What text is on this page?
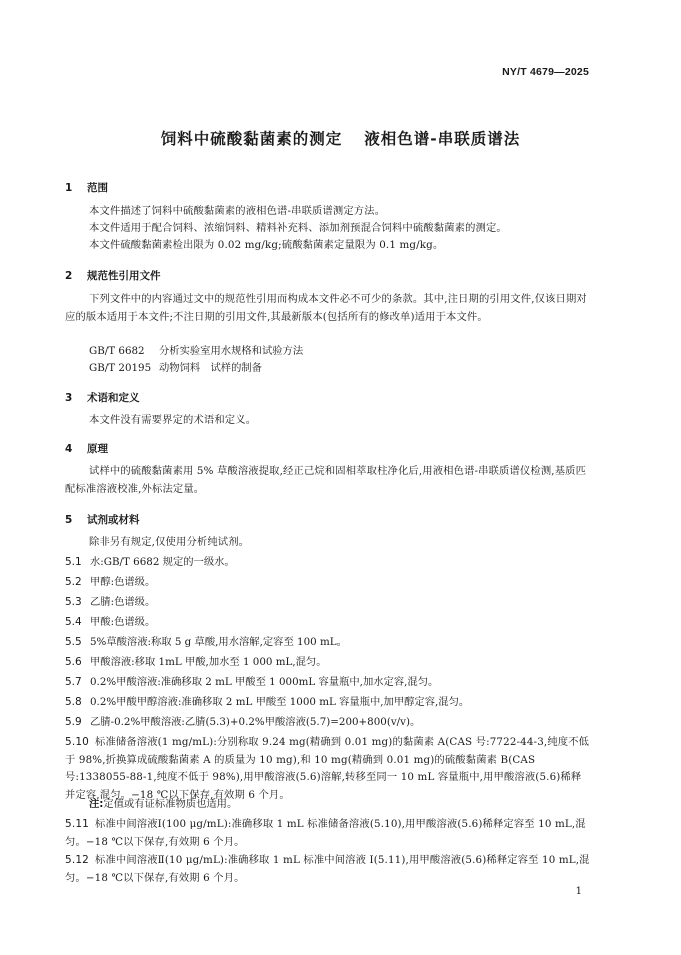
NY/T 4679—2025
饲料中硫酸黏菌素的测定 液相色谱-串联质谱法
1 范围
本文件描述了饲料中硫酸黏菌素的液相色谱-串联质谱测定方法。
本文件适用于配合饲料、浓缩饲料、精料补充料、添加剂预混合饲料中硫酸黏菌素的测定。
本文件硫酸黏菌素检出限为 0.02 mg/kg;硫酸黏菌素定量限为 0.1 mg/kg。
2 规范性引用文件
下列文件中的内容通过文中的规范性引用而构成本文件必不可少的条款。其中,注日期的引用文件,仅该日期对应的版本适用于本文件;不注日期的引用文件,其最新版本(包括所有的修改单)适用于本文件。
GB/T 6682 分析实验室用水规格和试验方法
GB/T 20195 动物饲料　试样的制备
3 术语和定义
本文件没有需要界定的术语和定义。
4 原理
试样中的硫酸黏菌素用 5% 草酸溶液提取,经正己烷和固相萃取柱净化后,用液相色谱-串联质谱仪检测,基质匹配标准溶液校准,外标法定量。
5 试剂或材料
除非另有规定,仅使用分析纯试剂。
5.1 水:GB/T 6682 规定的一级水。
5.2 甲醇:色谱级。
5.3 乙腈:色谱级。
5.4 甲酸:色谱级。
5.5 5%草酸溶液:称取 5 g 草酸,用水溶解,定容至 100 mL。
5.6 甲酸溶液:移取 1mL 甲酸,加水至 1 000 mL,混匀。
5.7 0.2%甲酸溶液:准确移取 2 mL 甲酸至 1 000mL 容量瓶中,加水定容,混匀。
5.8 0.2%甲酸甲醇溶液:准确移取 2 mL 甲酸至 1000 mL 容量瓶中,加甲醇定容,混匀。
5.9 乙腈-0.2%甲酸溶液:乙腈(5.3)+0.2%甲酸溶液(5.7)=200+800(v/v)。
5.10 标准储备溶液(1 mg/mL):分别称取 9.24 mg(精确到 0.01 mg)的黏菌素 A(CAS 号:7722-44-3,纯度不低于 98%,折换算成硫酸黏菌素 A 的质量为 10 mg),和 10 mg(精确到 0.01 mg)的硫酸黏菌素 B(CAS 号:1338055-88-1,纯度不低于 98%),用甲酸溶液(5.6)溶解,转移至同一 10 mL 容量瓶中,用甲酸溶液(5.6)稀释并定容,混匀。−18 ℃以下保存,有效期 6 个月。
注:定值或有证标准物质也适用。
5.11 标准中间溶液Ⅰ(100 μg/mL):准确移取 1 mL 标准储备溶液(5.10),用甲酸溶液(5.6)稀释定容至 10 mL,混匀。−18 ℃以下保存,有效期 6 个月。
5.12 标准中间溶液Ⅱ(10 μg/mL):准确移取 1 mL 标准中间溶液 Ⅰ(5.11),用甲酸溶液(5.6)稀释定容至 10 mL,混匀。−18 ℃以下保存,有效期 6 个月。
1
